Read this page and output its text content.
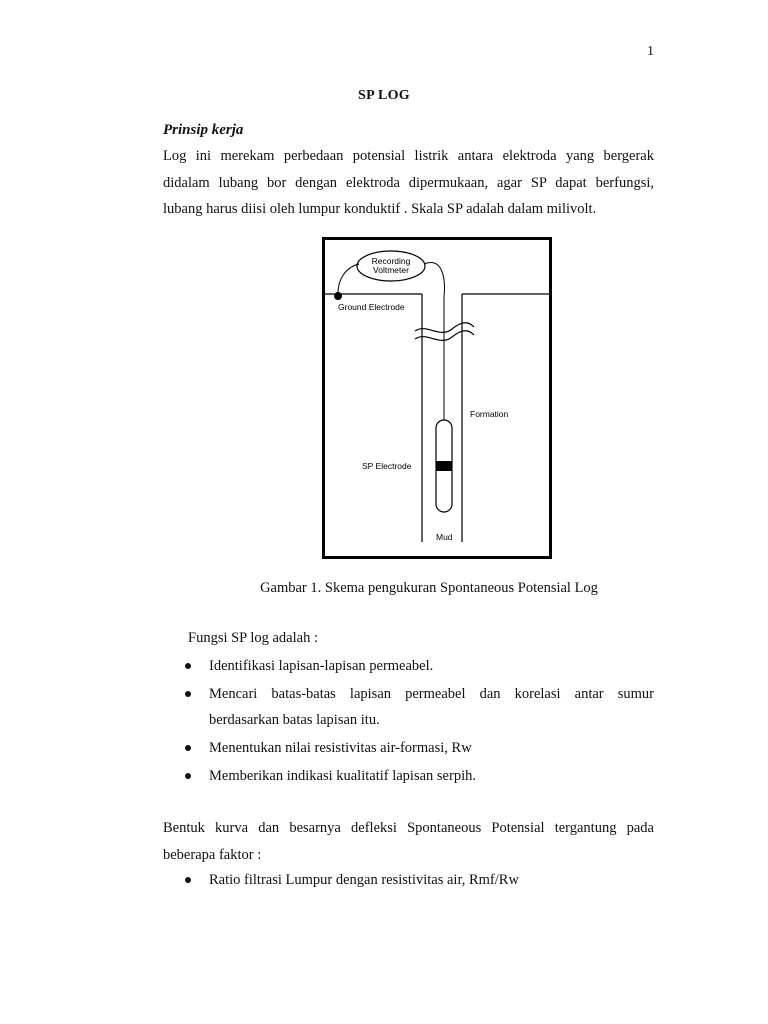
1
SP LOG
Prinsip kerja
Log ini merekam perbedaan potensial listrik antara elektroda yang bergerak
didalam lubang bor dengan elektroda dipermukaan, agar SP dapat berfungsi,
lubang harus diisi oleh lumpur konduktif . Skala SP adalah dalam milivolt.
Recording
Voltmeter
Ground Electrode
Formation
SP Electrode
Mud
Gambar 1. Skema pengukuran Spontaneous Potensial Log
Fungsi SP log adalah :
Identifikasi lapisan-lapisan permeabel.
Mencari batas-batas lapisan permeabel dan korelasi antar sumur
berdasarkan batas lapisan itu.
Menentukan nilai resistivitas air-formasi, Rw
Memberikan indikasi kualitatif lapisan serpih.
Bentuk kurva dan besarnya defleksi Spontaneous Potensial tergantung pada
beberapa faktor :
Ratio filtrasi Lumpur dengan resistivitas air, Rmf/Rw
